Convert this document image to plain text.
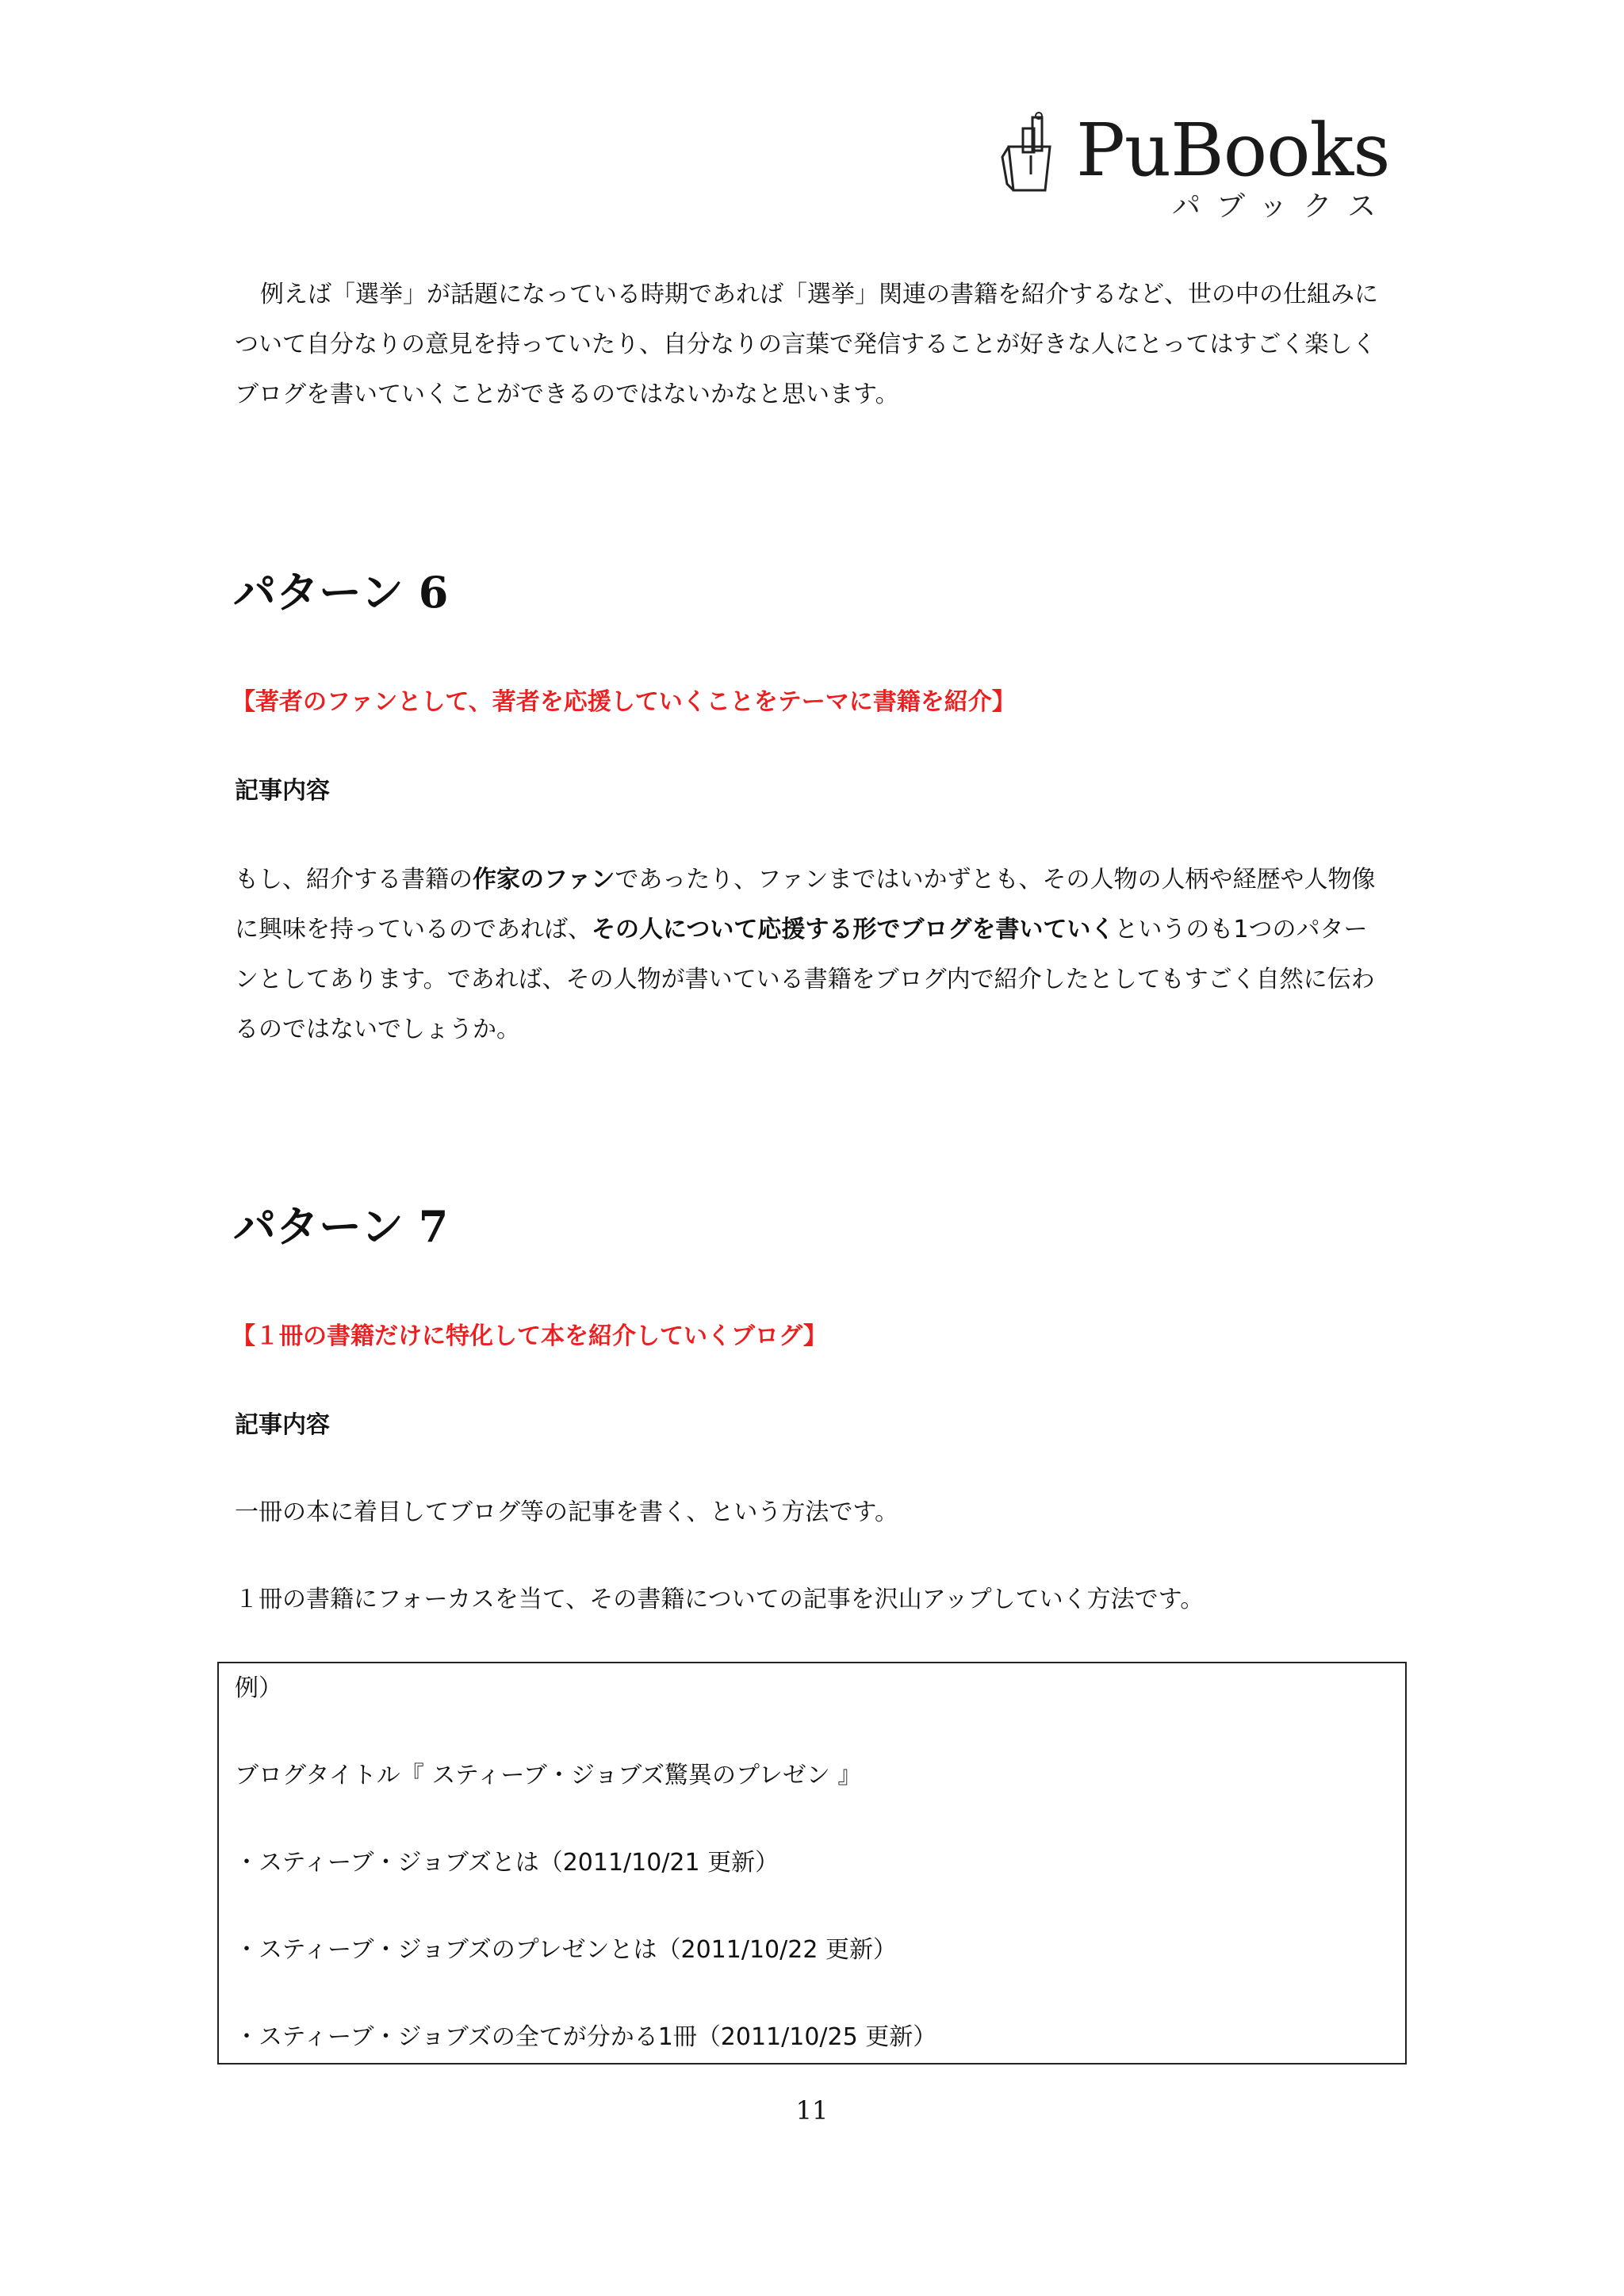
PuBooks
パブックス

例えば「選挙」が話題になっている時期であれば「選挙」関連の書籍を紹介するなど、世の中の仕組みについて自分なりの意見を持っていたり、自分なりの言葉で発信することが好きな人にとってはすごく楽しくブログを書いていくことができるのではないかなと思います。

パターン 6

【著者のファンとして、著者を応援していくことをテーマに書籍を紹介】

記事内容

もし、紹介する書籍の作家のファンであったり、ファンまではいかずとも、その人物の人柄や経歴や人物像に興味を持っているのであれば、その人について応援する形でブログを書いていくというのも1つのパターンとしてあります。であれば、その人物が書いている書籍をブログ内で紹介したとしてもすごく自然に伝わるのではないでしょうか。

パターン 7

【１冊の書籍だけに特化して本を紹介していくブログ】

記事内容

一冊の本に着目してブログ等の記事を書く、という方法です。

１冊の書籍にフォーカスを当て、その書籍についての記事を沢山アップしていく方法です。

例）

ブログタイトル『 スティーブ・ジョブズ驚異のプレゼン 』

・スティーブ・ジョブズとは（2011/10/21 更新）

・スティーブ・ジョブズのプレゼンとは（2011/10/22 更新）

・スティーブ・ジョブズの全てが分かる1冊（2011/10/25 更新）

11
